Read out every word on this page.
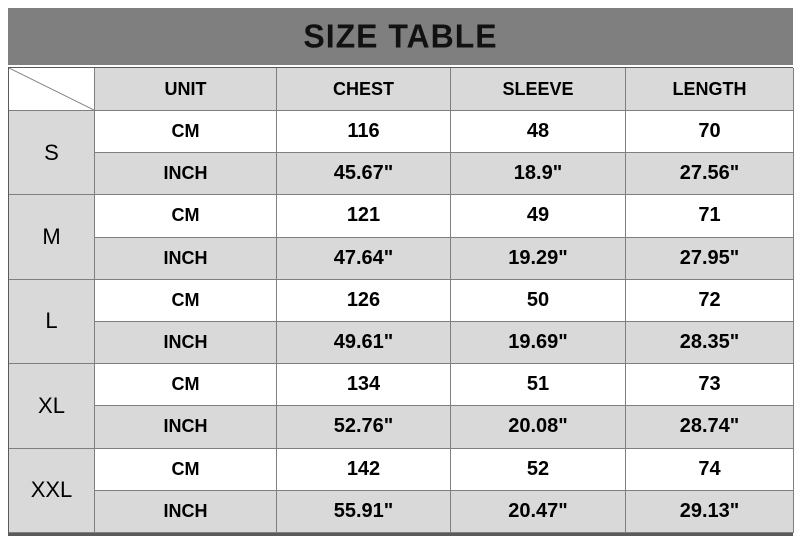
SIZE TABLE
UNIT	CHEST	SLEEVE	LENGTH
S
CM	116	48	70
INCH	45.67"	18.9"	27.56"
M
CM	121	49	71
INCH	47.64"	19.29"	27.95"
L
CM	126	50	72
INCH	49.61"	19.69"	28.35"
XL
CM	134	51	73
INCH	52.76"	20.08"	28.74"
XXL
CM	142	52	74
INCH	55.91"	20.47"	29.13"
